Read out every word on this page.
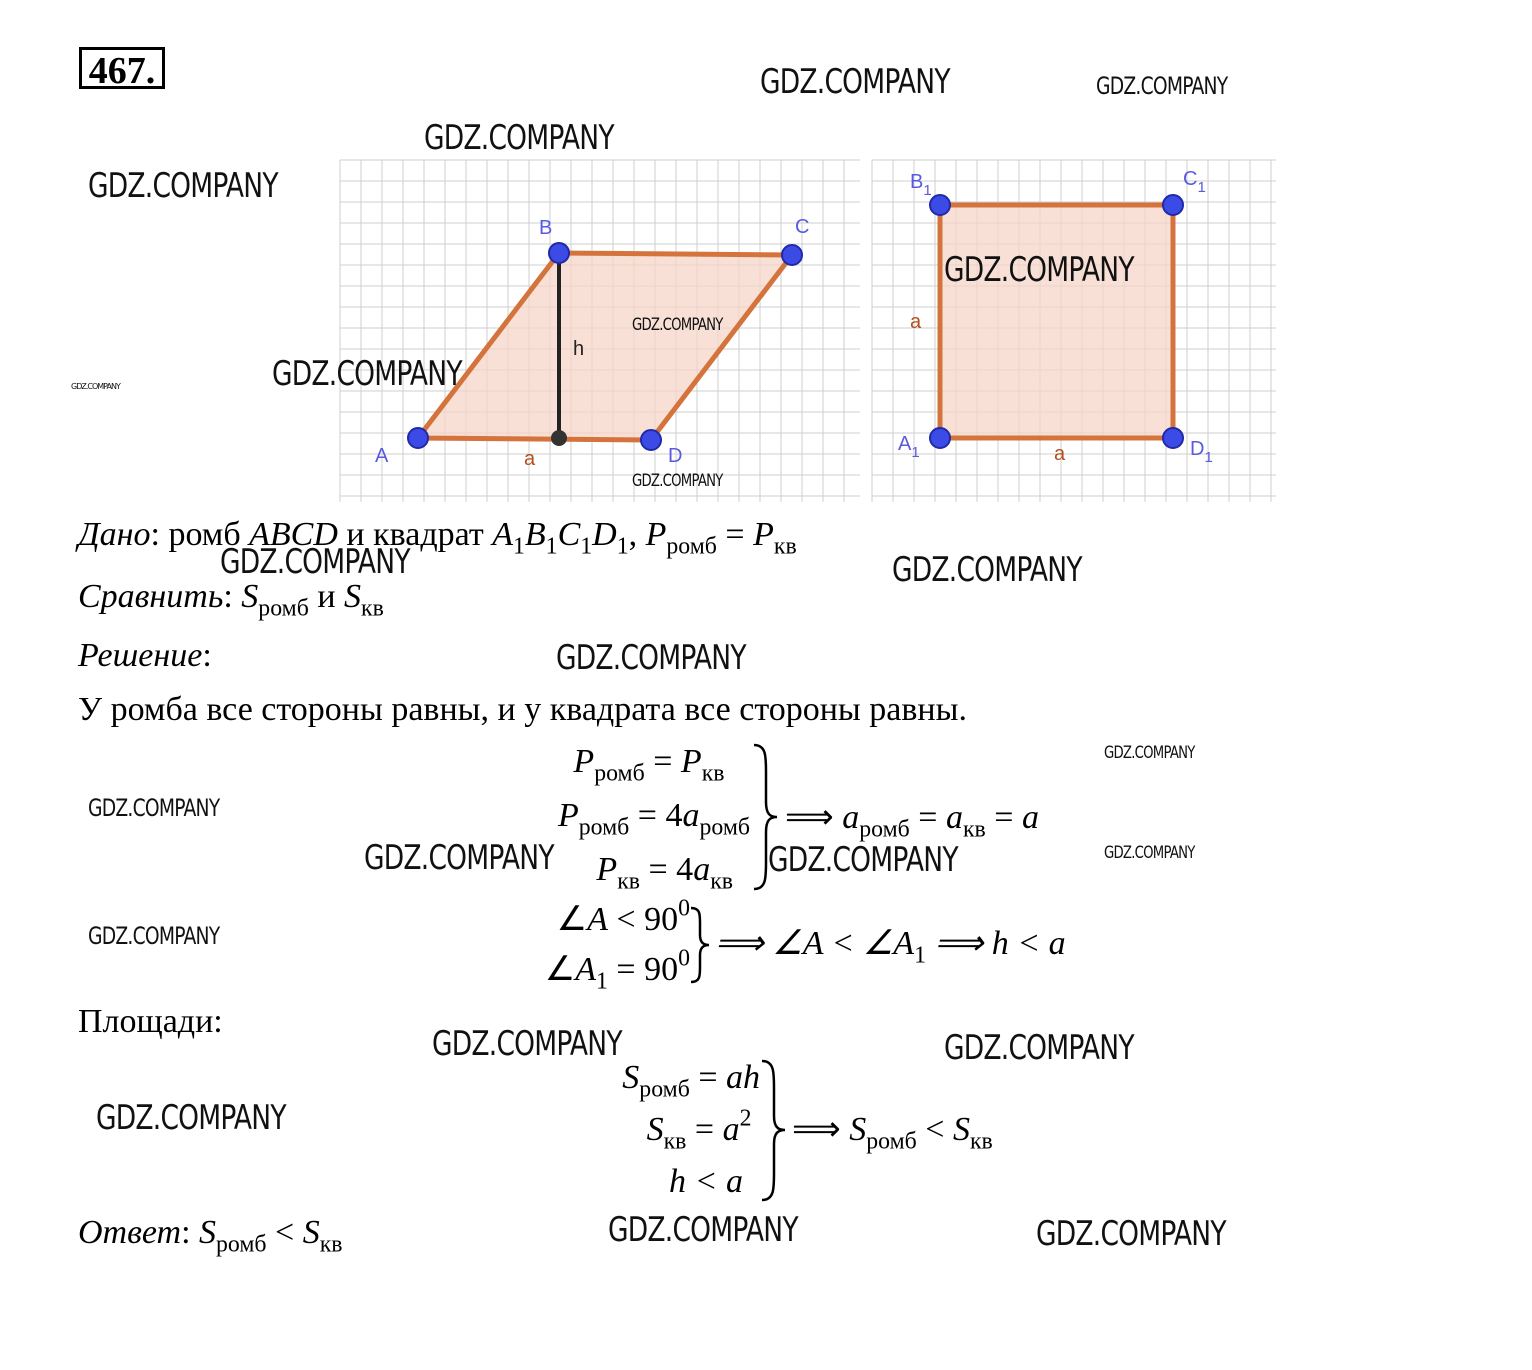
467.
A
B	C
D
h
a
$B_1$
$C_1$
$A_1$	$D_1$
a
a
Дано: ромб ABCD и квадрат $A_1B_1C_1D_1$, $P_{ромб} = P_{кв}$
Сравнить: $S_{ромб}$ и $S_{кв}$
Решение:
У ромба все стороны равны, и у квадрата все стороны равны.
$P_{ромб} = P_{кв}$
$P_{ромб} = 4a_{ромб}$
$P_{кв} = 4a_{кв}$
⟹ $a_{ромб} = a_{кв} = a$
∠A < $90^0$
$\angle A_1 = 90^0$ ⟹ ∠A < $\angle A_1$ ⟹ h < a
Площади:
$S_{ромб}$ = ah
$S_{кв} = a^2$
h < a
⟹ $S_{ромб} < S_{кв}$
Ответ: $S_{ромб} < S_{кв}$
GDZ.COMPANY	GDZ.COMPANY
GDZ.COMPANY
GDZ.COMPANY
GDZ.COMPANY
GDZ.COMPANY
GDZ.COMPANY
GDZ.COMPANY
GDZ.COMPANY
GDZ.COMPANY	GDZ.COMPANY
GDZ.COMPANY
GDZ.COMPANY
GDZ.COMPANY
GDZ.COMPANY	GDZ.COMPANY	GDZ.COMPANY
GDZ.COMPANY
GDZ.COMPANY	GDZ.COMPANY
GDZ.COMPANY
GDZ.COMPANY	GDZ.COMPANY
